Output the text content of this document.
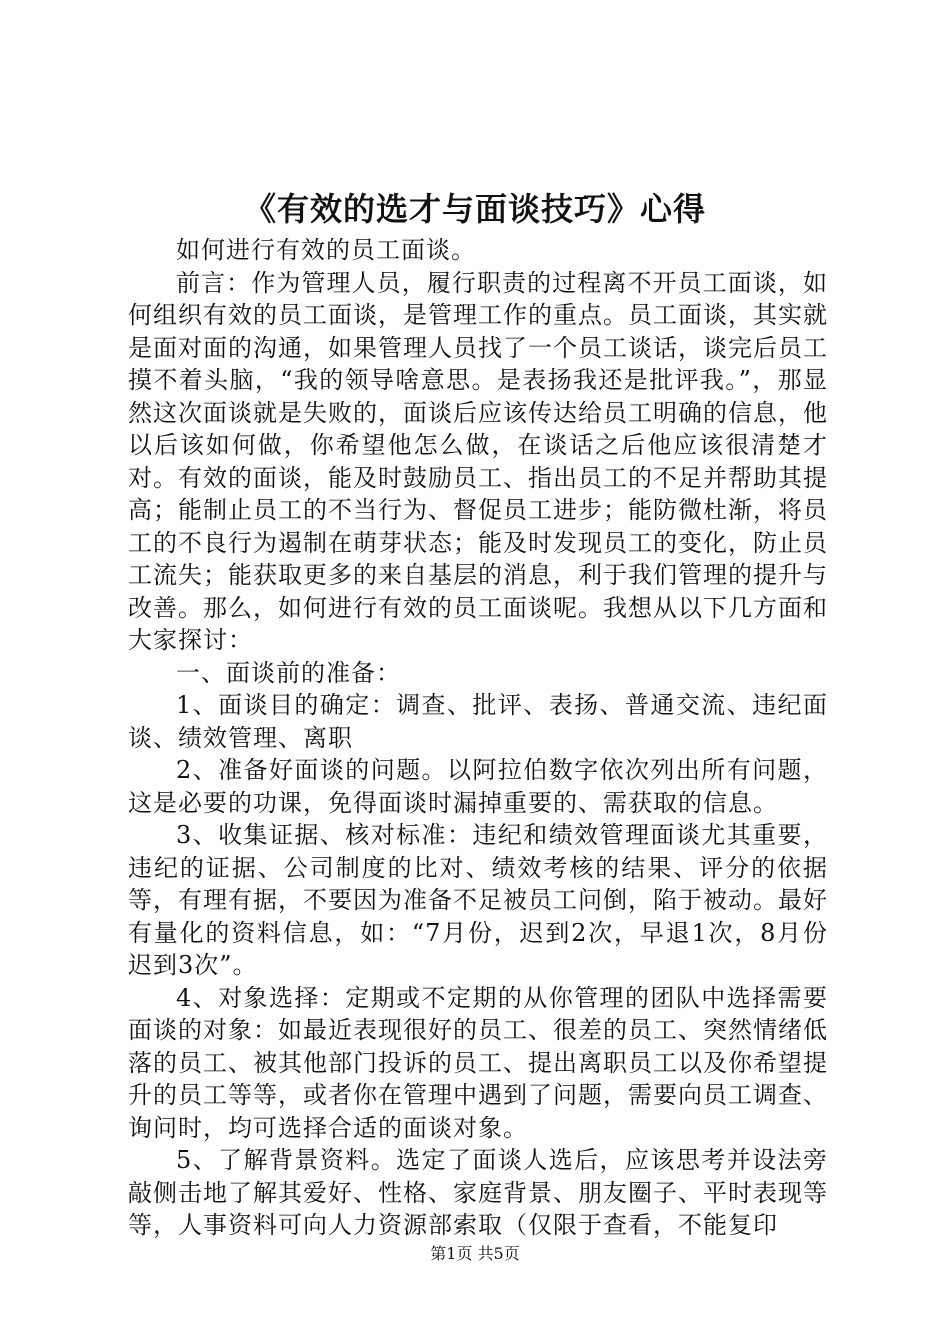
《有效的选才与面谈技巧》心得

如何进行有效的员工面谈。

前言：作为管理人员，履行职责的过程离不开员工面谈，如何组织有效的员工面谈，是管理工作的重点。员工面谈，其实就是面对面的沟通，如果管理人员找了一个员工谈话，谈完后员工摸不着头脑，“我的领导啥意思。是表扬我还是批评我。”，那显然这次面谈就是失败的，面谈后应该传达给员工明确的信息，他以后该如何做，你希望他怎么做，在谈话之后他应该很清楚才对。有效的面谈，能及时鼓励员工、指出员工的不足并帮助其提高；能制止员工的不当行为、督促员工进步；能防微杜渐，将员工的不良行为遏制在萌芽状态；能及时发现员工的变化，防止员工流失；能获取更多的来自基层的消息，利于我们管理的提升与改善。那么，如何进行有效的员工面谈呢。我想从以下几方面和大家探讨：

一、面谈前的准备：

1、面谈目的确定：调查、批评、表扬、普通交流、违纪面谈、绩效管理、离职

2、准备好面谈的问题。以阿拉伯数字依次列出所有问题，这是必要的功课，免得面谈时漏掉重要的、需获取的信息。

3、收集证据、核对标准：违纪和绩效管理面谈尤其重要，违纪的证据、公司制度的比对、绩效考核的结果、评分的依据等，有理有据，不要因为准备不足被员工问倒，陷于被动。最好有量化的资料信息，如：“7月份，迟到2次，早退1次，8月份迟到3次”。

4、对象选择：定期或不定期的从你管理的团队中选择需要面谈的对象：如最近表现很好的员工、很差的员工、突然情绪低落的员工、被其他部门投诉的员工、提出离职员工以及你希望提升的员工等等，或者你在管理中遇到了问题，需要向员工调查、询问时，均可选择合适的面谈对象。

5、了解背景资料。选定了面谈人选后，应该思考并设法旁敲侧击地了解其爱好、性格、家庭背景、朋友圈子、平时表现等等，人事资料可向人力资源部索取（仅限于查看，不能复印

第1页 共5页
